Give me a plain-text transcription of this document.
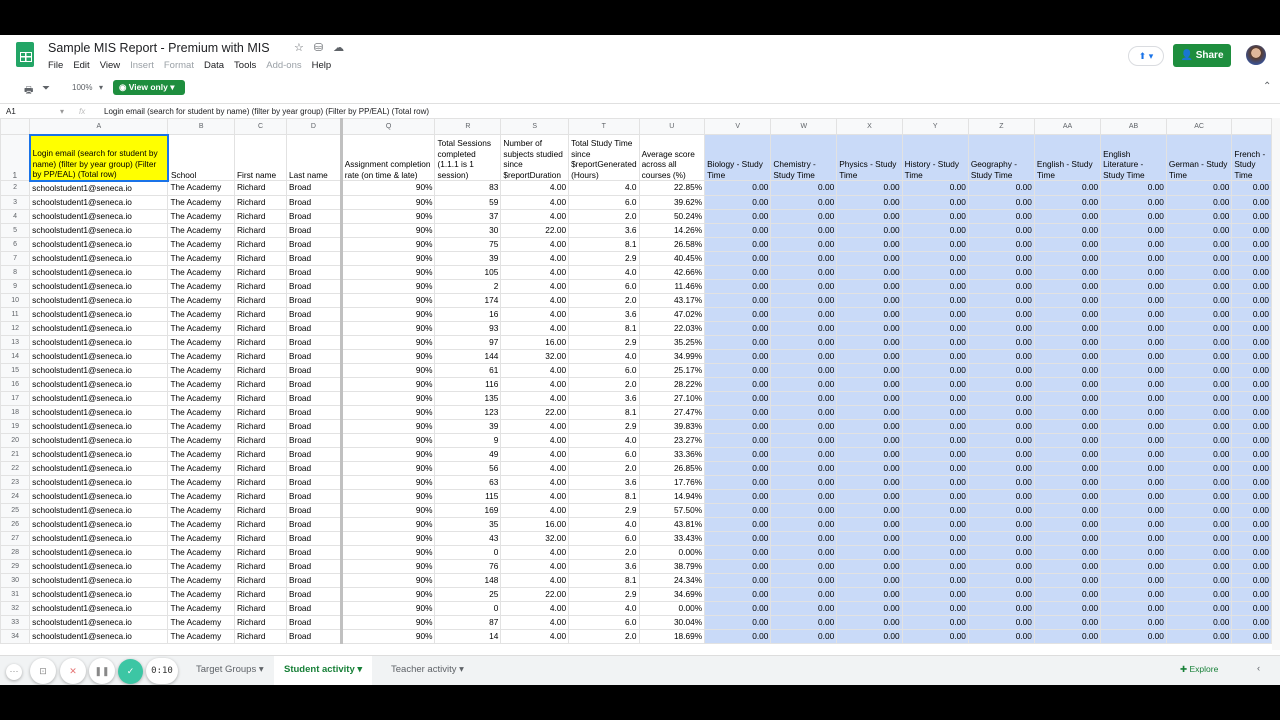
Sample MIS Report - Premium with MIS ☆ ⛁ ☁
File Edit View Insert Format Data Tools Add-ons Help
⬆ ▾	👤 Share
🖶 ⏷	100% ▾	◉ View only ▾	⌃
A1	▾ fx Login email (search for student by name) (filter by year group) (Filter by PP/EAL) (Total row)
	A	B	C	D	Q	R	S	T	U	V	W	X	Y	Z	AA	AB	AC	
1	Login email (search for student by name) (filter by year group) (Filter by PP/EAL) (Total row)	School	First name	Last name	Assignment completion rate (on time & late)	Total Sessions completed (1.1.1 is 1 session)	Number of subjects studied since $reportDuration	Total Study Time since $reportGenerated (Hours)	Average score across all courses (%)	Biology - Study Time	Chemistry - Study Time	Physics - Study Time	History - Study Time	Geography - Study Time	English - Study Time	English Literature - Study Time	German - Study Time	French - Study Time
2	schoolstudent1@seneca.io	The Academy	Richard	Broad	90%	83	4.00	4.0	22.85%	0.00	0.00	0.00	0.00	0.00	0.00	0.00	0.00	0.00
3	schoolstudent1@seneca.io	The Academy	Richard	Broad	90%	59	4.00	6.0	39.62%	0.00	0.00	0.00	0.00	0.00	0.00	0.00	0.00	0.00
4	schoolstudent1@seneca.io	The Academy	Richard	Broad	90%	37	4.00	2.0	50.24%	0.00	0.00	0.00	0.00	0.00	0.00	0.00	0.00	0.00
5	schoolstudent1@seneca.io	The Academy	Richard	Broad	90%	30	22.00	3.6	14.26%	0.00	0.00	0.00	0.00	0.00	0.00	0.00	0.00	0.00
6	schoolstudent1@seneca.io	The Academy	Richard	Broad	90%	75	4.00	8.1	26.58%	0.00	0.00	0.00	0.00	0.00	0.00	0.00	0.00	0.00
7	schoolstudent1@seneca.io	The Academy	Richard	Broad	90%	39	4.00	2.9	40.45%	0.00	0.00	0.00	0.00	0.00	0.00	0.00	0.00	0.00
8	schoolstudent1@seneca.io	The Academy	Richard	Broad	90%	105	4.00	4.0	42.66%	0.00	0.00	0.00	0.00	0.00	0.00	0.00	0.00	0.00
9	schoolstudent1@seneca.io	The Academy	Richard	Broad	90%	2	4.00	6.0	11.46%	0.00	0.00	0.00	0.00	0.00	0.00	0.00	0.00	0.00
10	schoolstudent1@seneca.io	The Academy	Richard	Broad	90%	174	4.00	2.0	43.17%	0.00	0.00	0.00	0.00	0.00	0.00	0.00	0.00	0.00
11	schoolstudent1@seneca.io	The Academy	Richard	Broad	90%	16	4.00	3.6	47.02%	0.00	0.00	0.00	0.00	0.00	0.00	0.00	0.00	0.00
12	schoolstudent1@seneca.io	The Academy	Richard	Broad	90%	93	4.00	8.1	22.03%	0.00	0.00	0.00	0.00	0.00	0.00	0.00	0.00	0.00
13	schoolstudent1@seneca.io	The Academy	Richard	Broad	90%	97	16.00	2.9	35.25%	0.00	0.00	0.00	0.00	0.00	0.00	0.00	0.00	0.00
14	schoolstudent1@seneca.io	The Academy	Richard	Broad	90%	144	32.00	4.0	34.99%	0.00	0.00	0.00	0.00	0.00	0.00	0.00	0.00	0.00
15	schoolstudent1@seneca.io	The Academy	Richard	Broad	90%	61	4.00	6.0	25.17%	0.00	0.00	0.00	0.00	0.00	0.00	0.00	0.00	0.00
16	schoolstudent1@seneca.io	The Academy	Richard	Broad	90%	116	4.00	2.0	28.22%	0.00	0.00	0.00	0.00	0.00	0.00	0.00	0.00	0.00
17	schoolstudent1@seneca.io	The Academy	Richard	Broad	90%	135	4.00	3.6	27.10%	0.00	0.00	0.00	0.00	0.00	0.00	0.00	0.00	0.00
18	schoolstudent1@seneca.io	The Academy	Richard	Broad	90%	123	22.00	8.1	27.47%	0.00	0.00	0.00	0.00	0.00	0.00	0.00	0.00	0.00
19	schoolstudent1@seneca.io	The Academy	Richard	Broad	90%	39	4.00	2.9	39.83%	0.00	0.00	0.00	0.00	0.00	0.00	0.00	0.00	0.00
20	schoolstudent1@seneca.io	The Academy	Richard	Broad	90%	9	4.00	4.0	23.27%	0.00	0.00	0.00	0.00	0.00	0.00	0.00	0.00	0.00
21	schoolstudent1@seneca.io	The Academy	Richard	Broad	90%	49	4.00	6.0	33.36%	0.00	0.00	0.00	0.00	0.00	0.00	0.00	0.00	0.00
22	schoolstudent1@seneca.io	The Academy	Richard	Broad	90%	56	4.00	2.0	26.85%	0.00	0.00	0.00	0.00	0.00	0.00	0.00	0.00	0.00
23	schoolstudent1@seneca.io	The Academy	Richard	Broad	90%	63	4.00	3.6	17.76%	0.00	0.00	0.00	0.00	0.00	0.00	0.00	0.00	0.00
24	schoolstudent1@seneca.io	The Academy	Richard	Broad	90%	115	4.00	8.1	14.94%	0.00	0.00	0.00	0.00	0.00	0.00	0.00	0.00	0.00
25	schoolstudent1@seneca.io	The Academy	Richard	Broad	90%	169	4.00	2.9	57.50%	0.00	0.00	0.00	0.00	0.00	0.00	0.00	0.00	0.00
26	schoolstudent1@seneca.io	The Academy	Richard	Broad	90%	35	16.00	4.0	43.81%	0.00	0.00	0.00	0.00	0.00	0.00	0.00	0.00	0.00
27	schoolstudent1@seneca.io	The Academy	Richard	Broad	90%	43	32.00	6.0	33.43%	0.00	0.00	0.00	0.00	0.00	0.00	0.00	0.00	0.00
28	schoolstudent1@seneca.io	The Academy	Richard	Broad	90%	0	4.00	2.0	0.00%	0.00	0.00	0.00	0.00	0.00	0.00	0.00	0.00	0.00
29	schoolstudent1@seneca.io	The Academy	Richard	Broad	90%	76	4.00	3.6	38.79%	0.00	0.00	0.00	0.00	0.00	0.00	0.00	0.00	0.00
30	schoolstudent1@seneca.io	The Academy	Richard	Broad	90%	148	4.00	8.1	24.34%	0.00	0.00	0.00	0.00	0.00	0.00	0.00	0.00	0.00
31	schoolstudent1@seneca.io	The Academy	Richard	Broad	90%	25	22.00	2.9	34.69%	0.00	0.00	0.00	0.00	0.00	0.00	0.00	0.00	0.00
32	schoolstudent1@seneca.io	The Academy	Richard	Broad	90%	0	4.00	4.0	0.00%	0.00	0.00	0.00	0.00	0.00	0.00	0.00	0.00	0.00
33	schoolstudent1@seneca.io	The Academy	Richard	Broad	90%	87	4.00	6.0	30.04%	0.00	0.00	0.00	0.00	0.00	0.00	0.00	0.00	0.00
34	schoolstudent1@seneca.io	The Academy	Richard	Broad	90%	14	4.00	2.0	18.69%	0.00	0.00	0.00	0.00	0.00	0.00	0.00	0.00	0.00
Target Groups ▾	Student activity ▾	Teacher activity ▾	✚ Explore	‹
···	⊡	✕	❚❚	✓	0:10
